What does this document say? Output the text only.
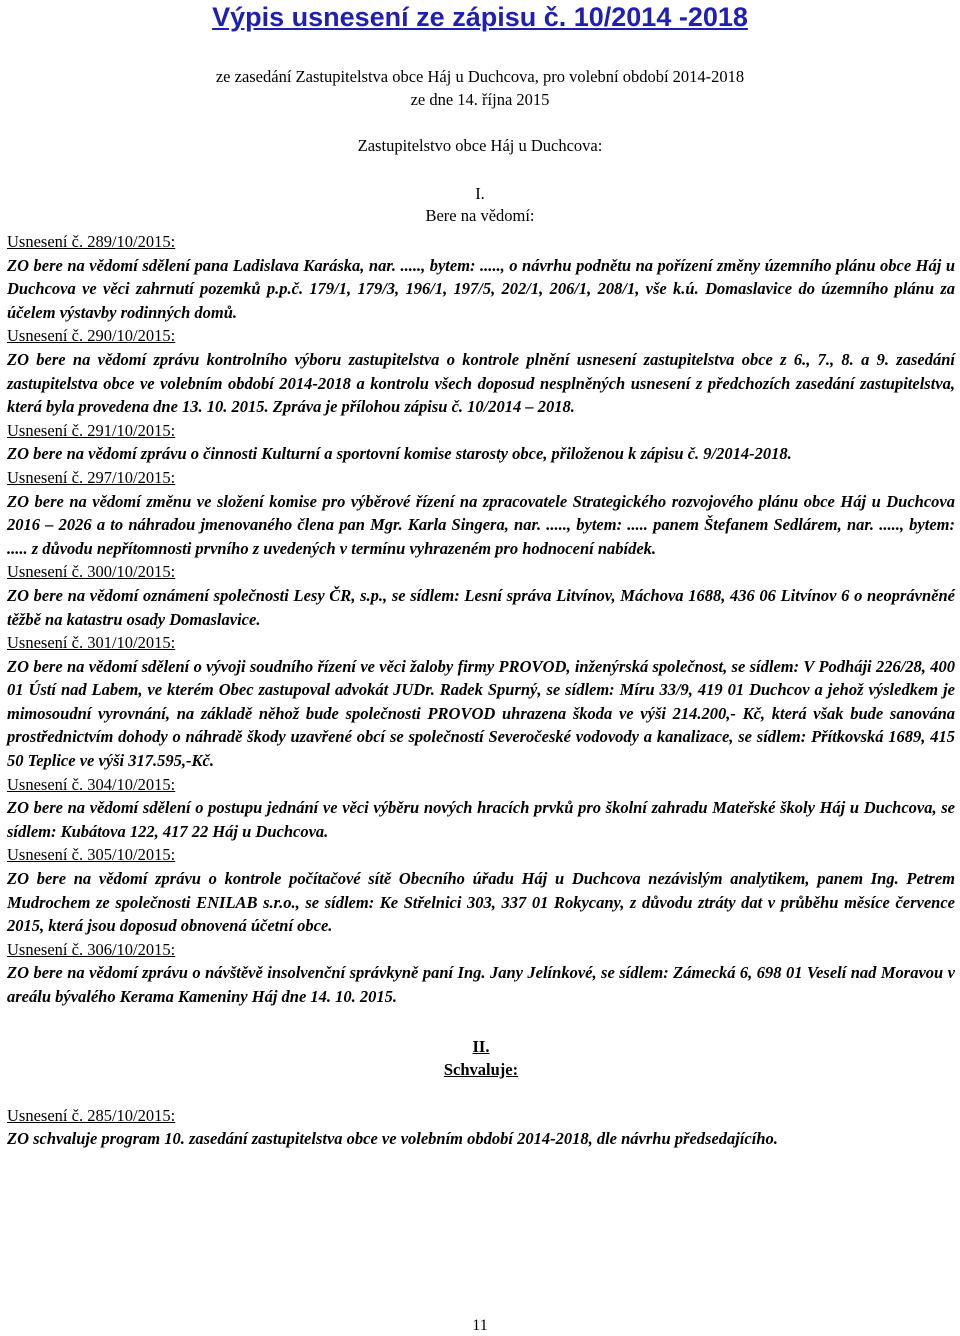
Výpis usnesení ze zápisu č. 10/2014 -2018
ze zasedání Zastupitelstva obce Háj u Duchcova, pro volební období 2014-2018
ze dne 14. října 2015
Zastupitelstvo obce Háj u Duchcova:
I.
Bere na vědomí:

Usnesení č. 289/10/2015:

ZO bere na vědomí sdělení pana Ladislava Karáska, nar. ....., bytem: ....., o návrhu podnětu na pořízení změny územního plánu obce Háj u Duchcova ve věci zahrnutí pozemků p.p.č. 179/1, 179/3, 196/1, 197/5, 202/1, 206/1, 208/1, vše k.ú. Domaslavice do územního plánu za účelem výstavby rodinných domů.

Usnesení č. 290/10/2015:

ZO bere na vědomí zprávu kontrolního výboru zastupitelstva o kontrole plnění usnesení zastupitelstva obce z 6., 7., 8. a 9. zasedání zastupitelstva obce ve volebním období 2014-2018 a kontrolu všech doposud nesplněných usnesení z předchozích zasedání zastupitelstva, která byla provedena dne 13. 10. 2015. Zpráva je přílohou zápisu č. 10/2014 – 2018.

Usnesení č. 291/10/2015:

ZO bere na vědomí zprávu o činnosti Kulturní a sportovní komise starosty obce, přiloženou k zápisu č. 9/2014-2018.

Usnesení č. 297/10/2015:

ZO bere na vědomí změnu ve složení komise pro výběrové řízení na zpracovatele Strategického rozvojového plánu obce Háj u Duchcova 2016 – 2026 a to náhradou jmenovaného člena pan Mgr. Karla Singera, nar. ....., bytem: ..... panem Štefanem Sedlárem, nar. ....., bytem: ..... z důvodu nepřítomnosti prvního z uvedených v termínu vyhrazeném pro hodnocení nabídek.

Usnesení č. 300/10/2015:

ZO bere na vědomí oznámení společnosti Lesy ČR, s.p., se sídlem: Lesní správa Litvínov, Máchova 1688, 436 06 Litvínov 6 o neoprávněné těžbě na katastru osady Domaslavice.

Usnesení č. 301/10/2015:

ZO bere na vědomí sdělení o vývoji soudního řízení ve věci žaloby firmy PROVOD, inženýrská společnost, se sídlem: V Podháji 226/28, 400 01 Ústí nad Labem, ve kterém Obec zastupoval advokát JUDr. Radek Spurný, se sídlem: Míru 33/9, 419 01 Duchcov a jehož výsledkem je mimosoudní vyrovnání, na základě něhož bude společnosti PROVOD uhrazena škoda ve výši 214.200,- Kč, která však bude sanována prostřednictvím dohody o náhradě škody uzavřené obcí se společností Severočeské vodovody a kanalizace, se sídlem: Přítkovská 1689, 415 50 Teplice ve výši 317.595,-Kč.

Usnesení č. 304/10/2015:

ZO bere na vědomí sdělení o postupu jednání ve věci výběru nových hracích prvků pro školní zahradu Mateřské školy Háj u Duchcova, se sídlem: Kubátova 122, 417 22 Háj u Duchcova.

Usnesení č. 305/10/2015:

ZO bere na vědomí zprávu o kontrole počítačové sítě Obecního úřadu Háj u Duchcova nezávislým analytikem, panem Ing. Petrem Mudrochem ze společnosti ENILAB s.r.o., se sídlem: Ke Střelnici 303, 337 01 Rokycany, z důvodu ztráty dat v průběhu měsíce července 2015, která jsou doposud obnovená účetní obce.

Usnesení č. 306/10/2015:

ZO bere na vědomí zprávu o návštěvě insolvenční správkyně paní Ing. Jany Jelínkové, se sídlem: Zámecká 6, 698 01 Veselí nad Moravou v areálu bývalého Kerama Kameniny Háj dne 14. 10. 2015.

II.
Schvaluje:

Usnesení č. 285/10/2015:

ZO schvaluje program 10. zasedání zastupitelstva obce ve volebním období 2014-2018, dle návrhu předsedajícího.

11
